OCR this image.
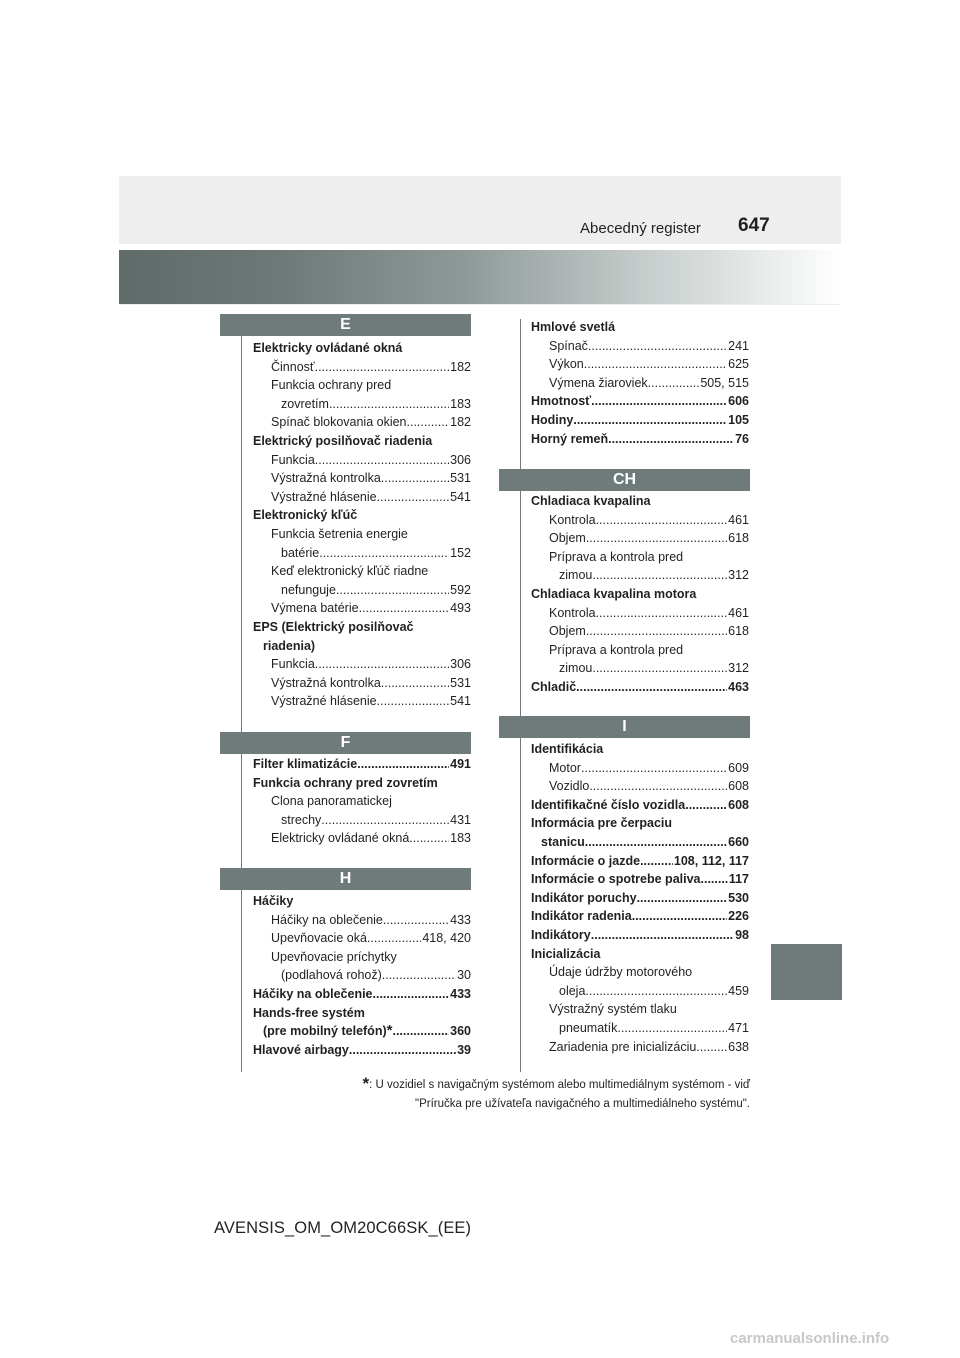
Abecedný register 647
E
Elektricky ovládané okná
Činnosť .....	182
Funkcia ochrany pred
zovretím .....	183
Spínač blokovania okien .....	182
Elektrický posilňovač riadenia
Funkcia .....	306
Výstražná kontrolka .....	531
Výstražné hlásenie .....	541
Elektronický kľúč
Funkcia šetrenia energie
batérie .....	152
Keď elektronický kľúč riadne
nefunguje .....	592
Výmena batérie .....	493
EPS (Elektrický posilňovač
riadenia)
Funkcia .....	306
Výstražná kontrolka .....	531
Výstražné hlásenie .....	541
F
Filter klimatizácie .....	491
Funkcia ochrany pred zovretím
Clona panoramatickej
strechy .....	431
Elektricky ovládané okná .....	183
H
Háčiky
Háčiky na oblečenie .....	433
Upevňovacie oká .....	418, 420
Upevňovacie príchytky
(podlahová rohož) .....	30
Háčiky na oblečenie .....	433
Hands-free systém
(pre mobilný telefón) * .....	360
Hlavové airbagy .....	39
Hmlové svetlá
Spínač .....	241
Výkon .....	625
Výmena žiaroviek .....	505, 515
Hmotnosť .....	606
Hodiny .....	105
Horný remeň .....	76
CH
Chladiaca kvapalina
Kontrola .....	461
Objem .....	618
Príprava a kontrola pred
zimou .....	312
Chladiaca kvapalina motora
Kontrola .....	461
Objem .....	618
Príprava a kontrola pred
zimou .....	312
Chladič .....	463
I
Identifikácia
Motor .....	609
Vozidlo .....	608
Identifikačné číslo vozidla .....	608
Informácia pre čerpaciu
stanicu .....	660
Informácie o jazde .....	108, 112, 117
Informácie o spotrebe paliva ..... 117
Indikátor poruchy .....	530
Indikátor radenia .....	226
Indikátory .....	98
Inicializácia
Údaje údržby motorového
oleja .....	459
Výstražný systém tlaku
pneumatík .....	471
Zariadenia pre inicializáciu .....	638
*: U vozidiel s navigačným systémom alebo multimediálnym systémom - viď
"Príručka pre užívateľa navigačného a multimediálneho systému".
AVENSIS_OM_OM20C66SK_(EE)
carmanualsonline.info
